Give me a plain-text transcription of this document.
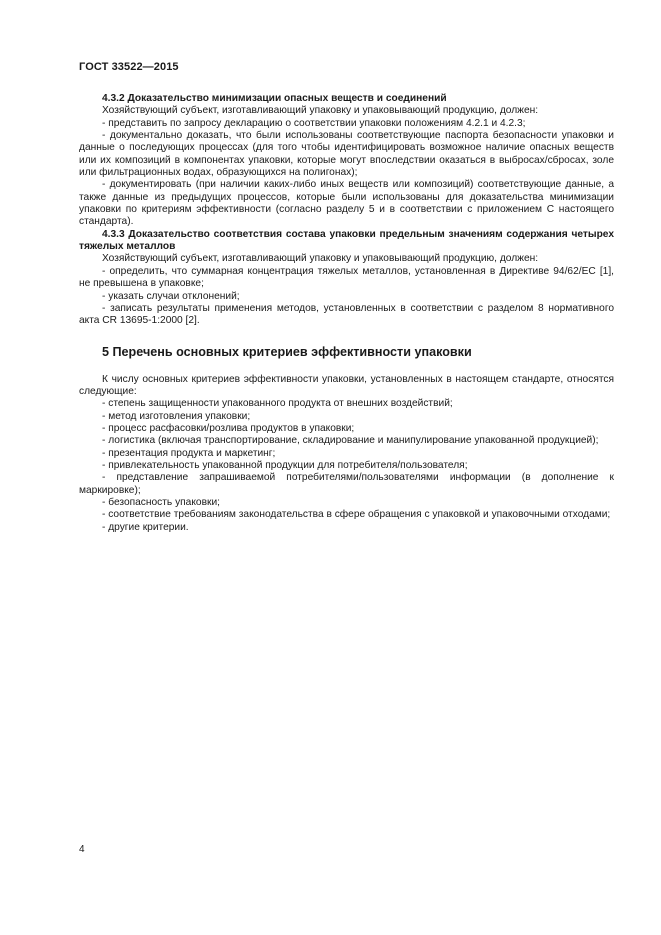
ГОСТ 33522—2015

4.3.2 Доказательство минимизации опасных веществ и соединений

Хозяйствующий субъект, изготавливающий упаковку и упаковывающий продукцию, должен:

- представить по запросу декларацию о соответствии упаковки положениям 4.2.1 и 4.2.3;

- документально доказать, что были использованы соответствующие паспорта безопасности упаковки и данные о последующих процессах (для того чтобы идентифицировать возможное наличие опасных веществ или их композиций в компонентах упаковки, которые могут впоследствии оказаться в выбросах/сбросах, золе или фильтрационных водах, образующихся на полигонах);

- документировать (при наличии каких-либо иных веществ или композиций) соответствующие данные, а также данные из предыдущих процессов, которые были использованы для доказательства минимизации упаковки по критериям эффективности (согласно разделу 5 и в соответствии с приложением С настоящего стандарта).

4.3.3 Доказательство соответствия состава упаковки предельным значениям содержания четырех тяжелых металлов

Хозяйствующий субъект, изготавливающий упаковку и упаковывающий продукцию, должен:

- определить, что суммарная концентрация тяжелых металлов, установленная в Директиве 94/62/ЕС [1], не превышена в упаковке;

- указать случаи отклонений;

- записать результаты применения методов, установленных в соответствии с разделом 8 нормативного акта CR 13695-1:2000 [2].

5 Перечень основных критериев эффективности упаковки

К числу основных критериев эффективности упаковки, установленных в настоящем стандарте, относятся следующие:

- степень защищенности упакованного продукта от внешних воздействий;

- метод изготовления упаковки;

- процесс расфасовки/розлива продуктов в упаковки;

- логистика (включая транспортирование, складирование и манипулирование упакованной продукцией);

- презентация продукта и маркетинг;

- привлекательность упакованной продукции для потребителя/пользователя;

- представление запрашиваемой потребителями/пользователями информации (в дополнение к маркировке);

- безопасность упаковки;

- соответствие требованиям законодательства в сфере обращения с упаковкой и упаковочными отходами;

- другие критерии.

4
